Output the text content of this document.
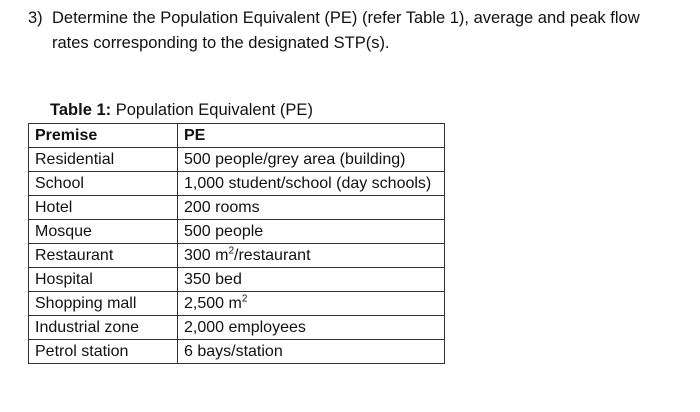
3) Determine the Population Equivalent (PE) (refer Table 1), average and peak flow
rates corresponding to the designated STP(s).
Table 1: Population Equivalent (PE)
Premise	PE
Residential	500 people/grey area (building)
School	1,000 student/school (day schools)
Hotel	200 rooms
Mosque	500 people
Restaurant	300 $m^2$/restaurant
Hospital	350 bed
Shopping mall	2,500 $m^2$
Industrial zone	2,000 employees
Petrol station	6 bays/station
